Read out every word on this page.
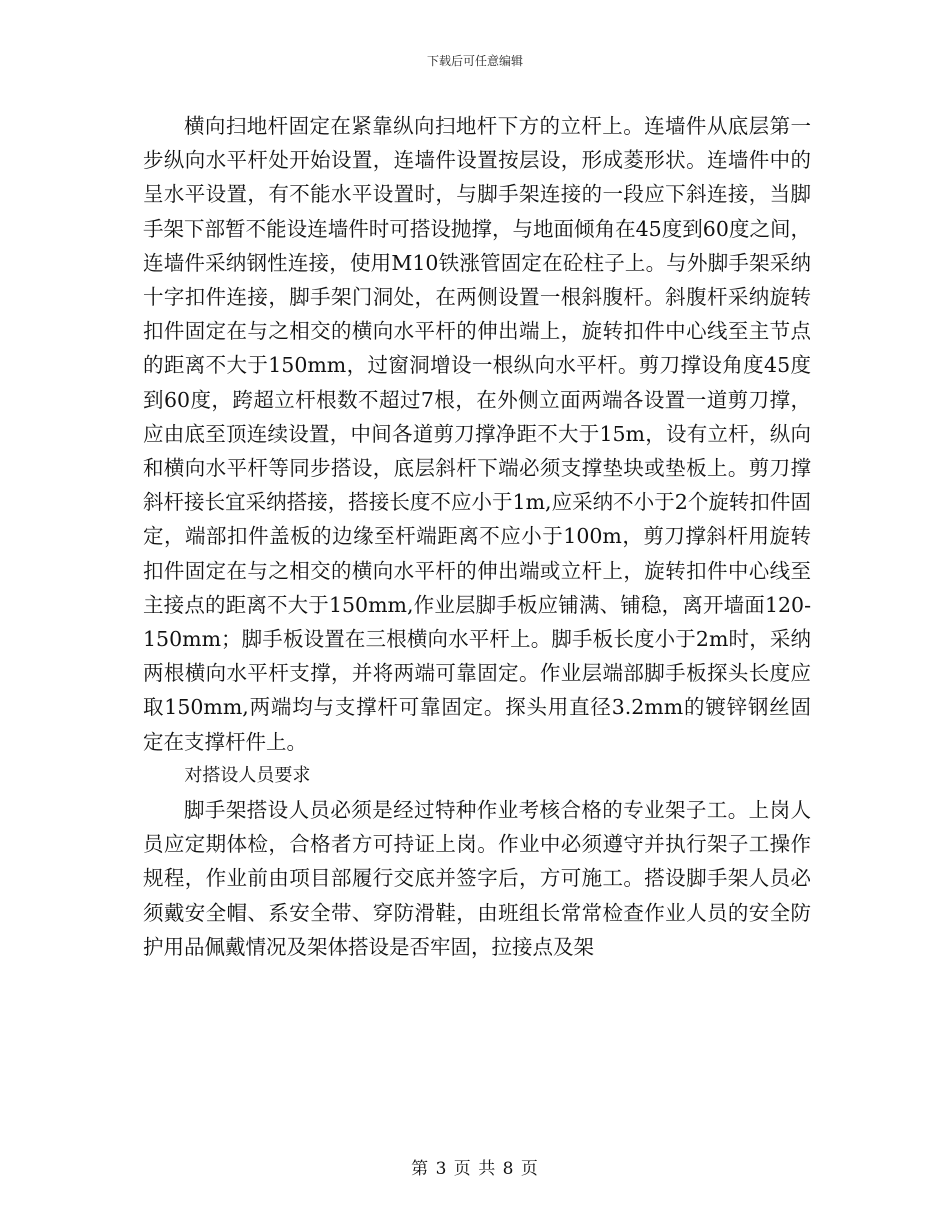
下载后可任意编辑

横向扫地杆固定在紧靠纵向扫地杆下方的立杆上。连墙件从底层第一步纵向水平杆处开始设置，连墙件设置按层设，形成菱形状。连墙件中的呈水平设置，有不能水平设置时，与脚手架连接的一段应下斜连接，当脚手架下部暂不能设连墙件时可搭设抛撑，与地面倾角在45度到60度之间，连墙件采纳钢性连接，使用M10铁涨管固定在砼柱子上。与外脚手架采纳十字扣件连接，脚手架门洞处，在两侧设置一根斜腹杆。斜腹杆采纳旋转扣件固定在与之相交的横向水平杆的伸出端上，旋转扣件中心线至主节点的距离不大于150mm，过窗洞增设一根纵向水平杆。剪刀撑设角度45度到60度，跨超立杆根数不超过7根，在外侧立面两端各设置一道剪刀撑，应由底至顶连续设置，中间各道剪刀撑净距不大于15m，设有立杆，纵向和横向水平杆等同步搭设，底层斜杆下端必须支撑垫块或垫板上。剪刀撑斜杆接长宜采纳搭接，搭接长度不应小于1m,应采纳不小于2个旋转扣件固定，端部扣件盖板的边缘至杆端距离不应小于100m，剪刀撑斜杆用旋转扣件固定在与之相交的横向水平杆的伸出端或立杆上，旋转扣件中心线至主接点的距离不大于150mm,作业层脚手板应铺满、铺稳，离开墙面120-150mm；脚手板设置在三根横向水平杆上。脚手板长度小于2m时，采纳两根横向水平杆支撑，并将两端可靠固定。作业层端部脚手板探头长度应取150mm,两端均与支撑杆可靠固定。探头用直径3.2mm的镀锌钢丝固定在支撑杆件上。

对搭设人员要求

脚手架搭设人员必须是经过特种作业考核合格的专业架子工。上岗人员应定期体检，合格者方可持证上岗。作业中必须遵守并执行架子工操作规程，作业前由项目部履行交底并签字后，方可施工。搭设脚手架人员必须戴安全帽、系安全带、穿防滑鞋，由班组长常常检查作业人员的安全防护用品佩戴情况及架体搭设是否牢固，拉接点及架

第 3 页 共 8 页
